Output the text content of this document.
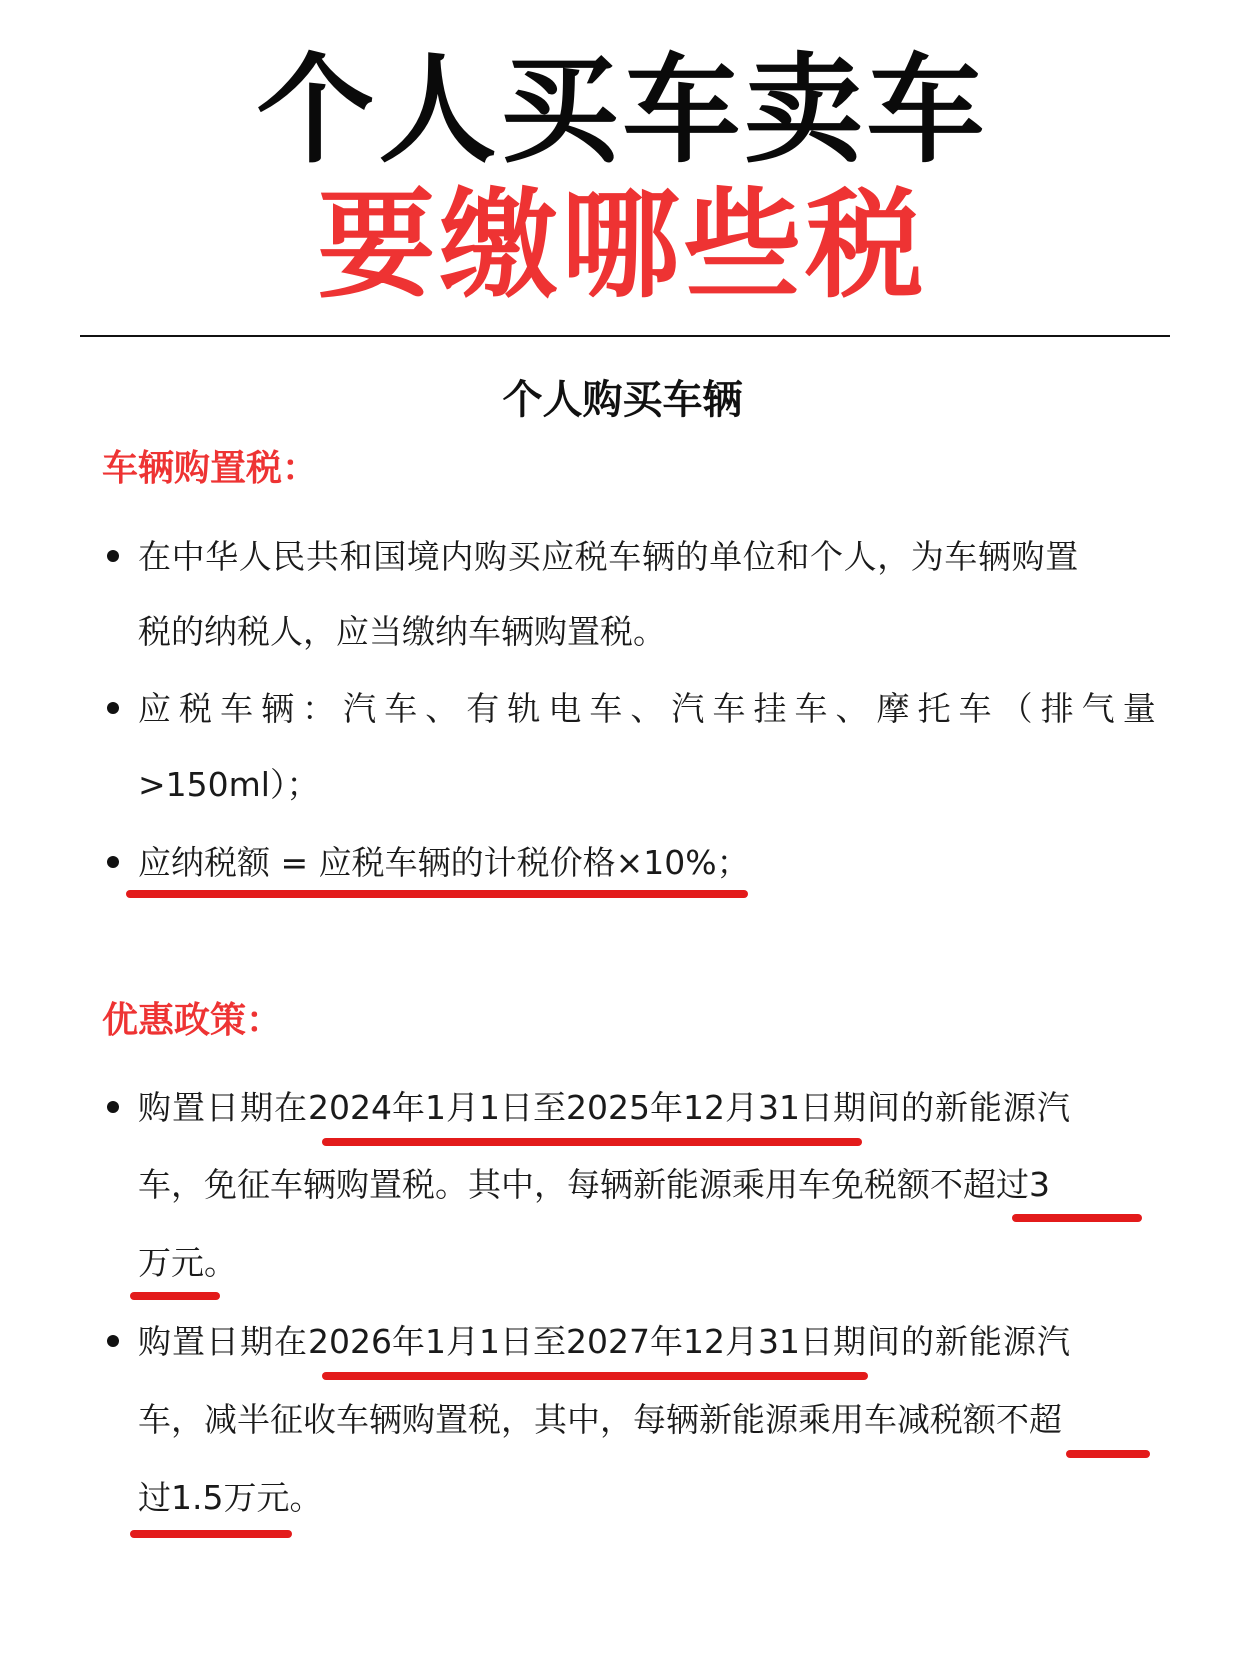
个人买车卖车
要缴哪些税
个人购买车辆
车辆购置税：
在中华人民共和国境内购买应税车辆的单位和个人，为车辆购置
税的纳税人，应当缴纳车辆购置税。
应 税 车 辆 ： 汽 车 、 有 轨 电 车 、 汽 车 挂 车 、 摩 托 车 （ 排 气 量
>150ml）；
应纳税额 = 应税车辆的计税价格×10%；
优惠政策：
购置日期在2024年1月1日至2025年12月31日期间的新能源汽
车，免征车辆购置税。其中，每辆新能源乘用车免税额不超过3
万元。
购置日期在2026年1月1日至2027年12月31日期间的新能源汽
车，减半征收车辆购置税，其中，每辆新能源乘用车减税额不超
过1.5万元。
